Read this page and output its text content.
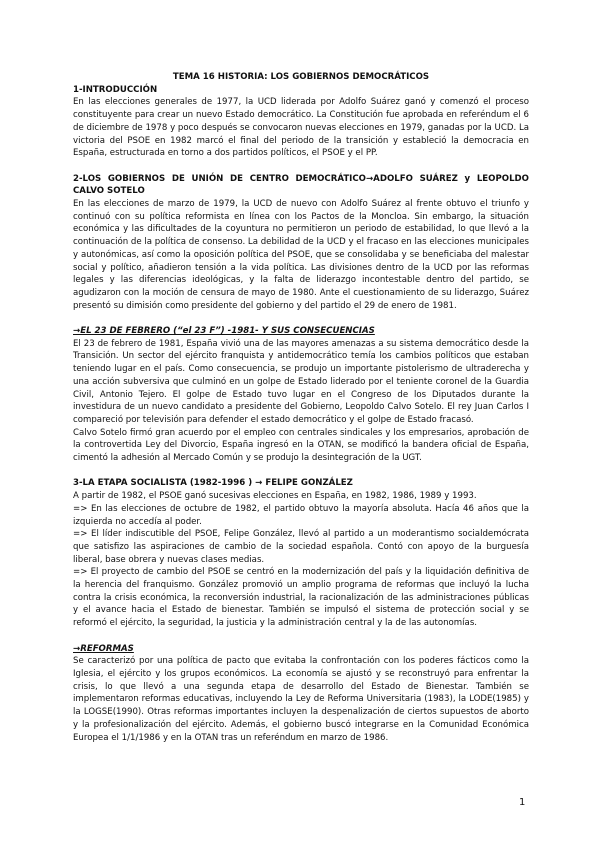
TEMA 16 HISTORIA: LOS GOBIERNOS DEMOCRÁTICOS

1-INTRODUCCIÓN

En las elecciones generales de 1977, la UCD liderada por Adolfo Suárez ganó y comenzó el proceso constituyente para crear un nuevo Estado democrático. La Constitución fue aprobada en referéndum el 6 de diciembre de 1978 y poco después se convocaron nuevas elecciones en 1979, ganadas por la UCD. La victoria del PSOE en 1982 marcó el final del periodo de la transición y estableció la democracia en España, estructurada en torno a dos partidos políticos, el PSOE y el PP.

2-LOS GOBIERNOS DE UNIÓN DE CENTRO DEMOCRÁTICO→ADOLFO SUÁREZ y LEOPOLDO CALVO SOTELO

En las elecciones de marzo de 1979, la UCD de nuevo con Adolfo Suárez al frente obtuvo el triunfo y continuó con su política reformista en línea con los Pactos de la Moncloa. Sin embargo, la situación económica y las dificultades de la coyuntura no permitieron un periodo de estabilidad, lo que llevó a la continuación de la política de consenso. La debilidad de la UCD y el fracaso en las elecciones municipales y autonómicas, así como la oposición política del PSOE, que se consolidaba y se beneficiaba del malestar social y político, añadieron tensión a la vida política. Las divisiones dentro de la UCD por las reformas legales y las diferencias ideológicas, y la falta de liderazgo incontestable dentro del partido, se agudizaron con la moción de censura de mayo de 1980. Ante el cuestionamiento de su liderazgo, Suárez presentó su dimisión como presidente del gobierno y del partido el 29 de enero de 1981.

→EL 23 DE FEBRERO (“el 23 F”) -1981- Y SUS CONSECUENCIAS

El 23 de febrero de 1981, España vivió una de las mayores amenazas a su sistema democrático desde la Transición. Un sector del ejército franquista y antidemocrático temía los cambios políticos que estaban teniendo lugar en el país. Como consecuencia, se produjo un importante pistolerismo de ultraderecha y una acción subversiva que culminó en un golpe de Estado liderado por el teniente coronel de la Guardia Civil, Antonio Tejero. El golpe de Estado tuvo lugar en el Congreso de los Diputados durante la investidura de un nuevo candidato a presidente del Gobierno, Leopoldo Calvo Sotelo. El rey Juan Carlos I compareció por televisión para defender el estado democrático y el golpe de Estado fracasó.

Calvo Sotelo firmó gran acuerdo por el empleo con centrales sindicales y los empresarios, aprobación de la controvertida Ley del Divorcio, España ingresó en la OTAN, se modificó la bandera oficial de España, cimentó la adhesión al Mercado Común y se produjo la desintegración de la UGT.

3-LA ETAPA SOCIALISTA (1982-1996 ) → FELIPE GONZÁLEZ

A partir de 1982, el PSOE ganó sucesivas elecciones en España, en 1982, 1986, 1989 y 1993.

=> En las elecciones de octubre de 1982, el partido obtuvo la mayoría absoluta. Hacía 46 años que la izquierda no accedía al poder.

=> El líder indiscutible del PSOE, Felipe González, llevó al partido a un moderantismo socialdemócrata que satisfizo las aspiraciones de cambio de la sociedad española. Contó con apoyo de la burguesía liberal, base obrera y nuevas clases medias.

=> El proyecto de cambio del PSOE se centró en la modernización del país y la liquidación definitiva de la herencia del franquismo. González promovió un amplio programa de reformas que incluyó la lucha contra la crisis económica, la reconversión industrial, la racionalización de las administraciones públicas y el avance hacia el Estado de bienestar. También se impulsó el sistema de protección social y se reformó el ejército, la seguridad, la justicia y la administración central y la de las autonomías.

→REFORMAS

Se caracterizó por una política de pacto que evitaba la confrontación con los poderes fácticos como la Iglesia, el ejército y los grupos económicos. La economía se ajustó y se reconstruyó para enfrentar la crisis, lo que llevó a una segunda etapa de desarrollo del Estado de Bienestar. También se implementaron reformas educativas, incluyendo la Ley de Reforma Universitaria (1983), la LODE(1985) y la LOGSE(1990). Otras reformas importantes incluyen la despenalización de ciertos supuestos de aborto y la profesionalización del ejército. Además, el gobierno buscó integrarse en la Comunidad Económica Europea el 1/1/1986 y en la OTAN tras un referéndum en marzo de 1986.

1
